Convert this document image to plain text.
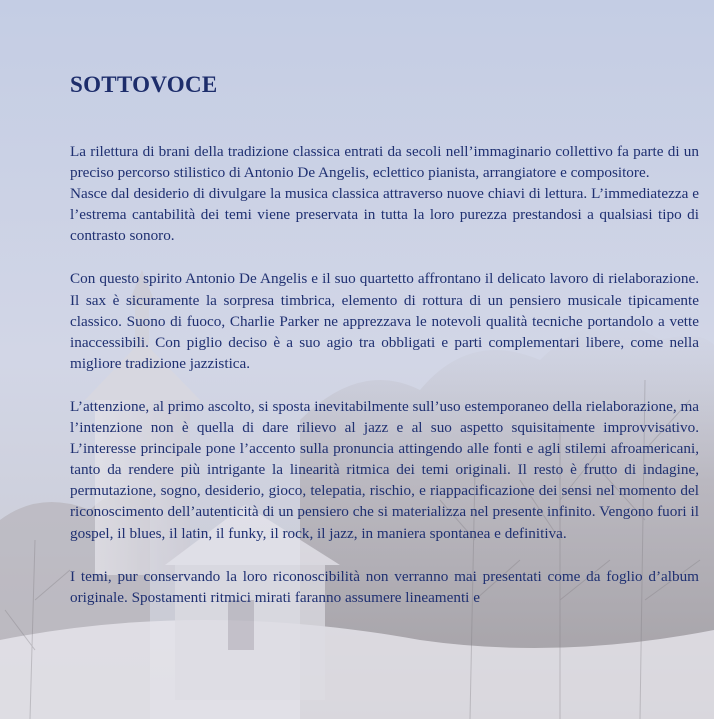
SOTTOVOCE
La rilettura di brani della tradizione classica entrati da secoli nell’immaginario collettivo fa parte di un preciso percorso stilistico di Antonio De Angelis, eclettico pianista, arrangiatore e compositore.
Nasce dal desiderio di divulgare la musica classica attraverso nuove chiavi di lettura. L’immediatezza e l’estrema cantabilità dei temi viene preservata in tutta la loro purezza prestandosi a qualsiasi tipo di contrasto sonoro.
Con questo spirito Antonio De Angelis e il suo quartetto affrontano il delicato lavoro di rielaborazione. Il sax è sicuramente la sorpresa timbrica, elemento di rottura di un pensiero musicale tipicamente classico. Suono di fuoco, Charlie Parker ne apprezzava le notevoli qualità tecniche portandolo a vette inaccessibili. Con piglio deciso è a suo agio tra obbligati e parti complementari libere, come nella migliore tradizione jazzistica.
L’attenzione, al primo ascolto, si sposta inevitabilmente sull’uso estemporaneo della rielaborazione, ma l’intenzione non è quella di dare rilievo al jazz e al suo aspetto squisitamente improvvisativo. L’interesse principale pone l’accento sulla pronuncia attingendo alle fonti e agli stilemi afroamericani, tanto da rendere più intrigante la linearità ritmica dei temi originali. Il resto è frutto di indagine, permutazione, sogno, desiderio, gioco, telepatia, rischio, e riappacificazione dei sensi nel momento del riconoscimento dell’autenticità di un pensiero che si materializza nel presente infinito. Vengono fuori il gospel, il blues, il latin, il funky, il rock, il jazz, in maniera spontanea e definitiva.
I temi, pur conservando la loro riconoscibilità non verranno mai presentati come da foglio d’album originale. Spostamenti ritmici mirati faranno assumere lineamenti e
